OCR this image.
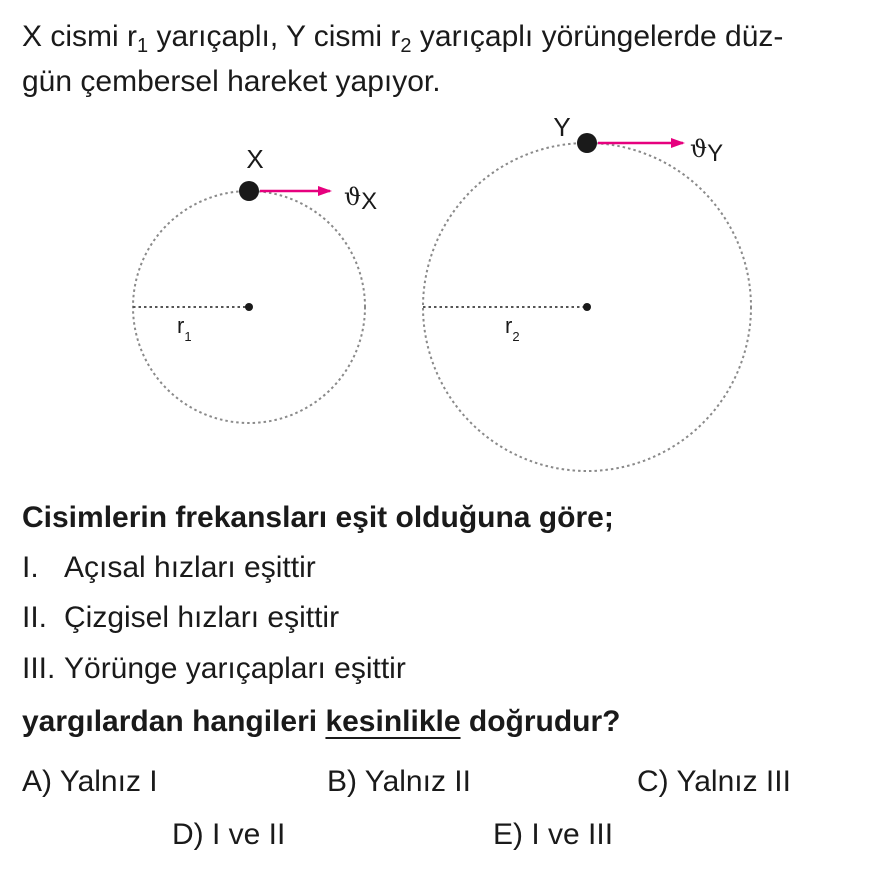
X cismi $r_1$ yarıçaplı, Y cismi $r_2$ yarıçaplı yörüngelerde düz-
gün çembersel hareket yapıyor.
X
ϑX
$r_1$
Y
ϑY
$r_2$
Cisimlerin frekansları eşit olduğuna göre;
I. Açısal hızları eşittir
II. Çizgisel hızları eşittir
III. Yörünge yarıçapları eşittir
yargılardan hangileri kesinlikle doğrudur?
A) Yalnız I	B) Yalnız II	C) Yalnız III
D) I ve II	E) I ve III
